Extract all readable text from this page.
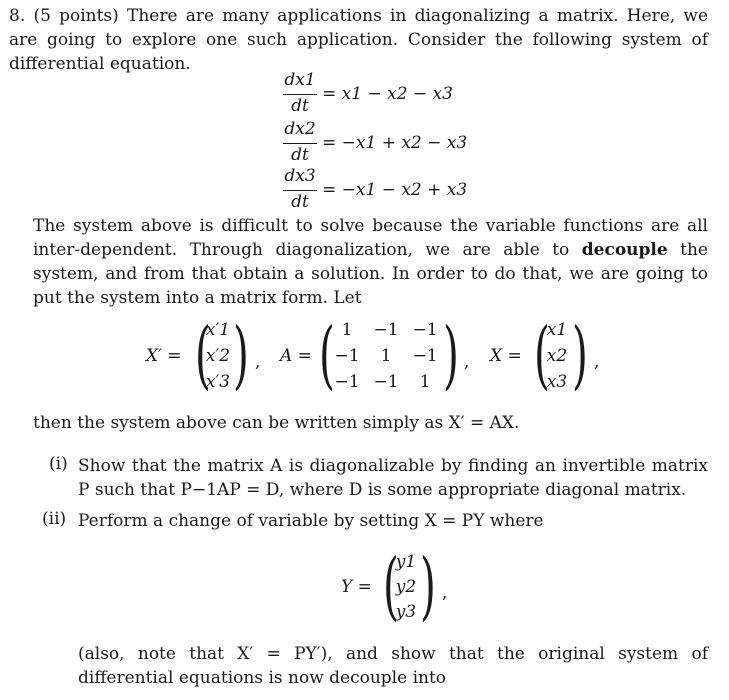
8. (5 points) There are many applications in diagonalizing a matrix. Here, we are going to explore one such application. Consider the following system of differential equation.
dx1
dt
= x1 − x2 − x3
dx2
dt
= −x1 + x2 − x3
dx3
dt
= −x1 − x2 + x3
The system above is difficult to solve because the variable functions are all inter-dependent. Through diagonalization, we are able to decouple the system, and from that obtain a solution. In order to do that, we are going to put the system into a matrix form. Let
X′ = (
x′1
x′2
x′3 ) , A = ( 1	−1 −1
−1	1	−1
−1 −1	1 ) , X = (
x1
x2
x3 ) ,
then the system above can be written simply as X′ = AX.
(i) Show that the matrix A is diagonalizable by finding an invertible matrix P such that P−1AP = D, where D is some appropriate diagonal matrix.
(ii) Perform a change of variable by setting X = PY where
Y = (
y1
y2
y3 ) ,
(also, note that X′ = PY′), and show that the original system of differential equations is now decouple into
